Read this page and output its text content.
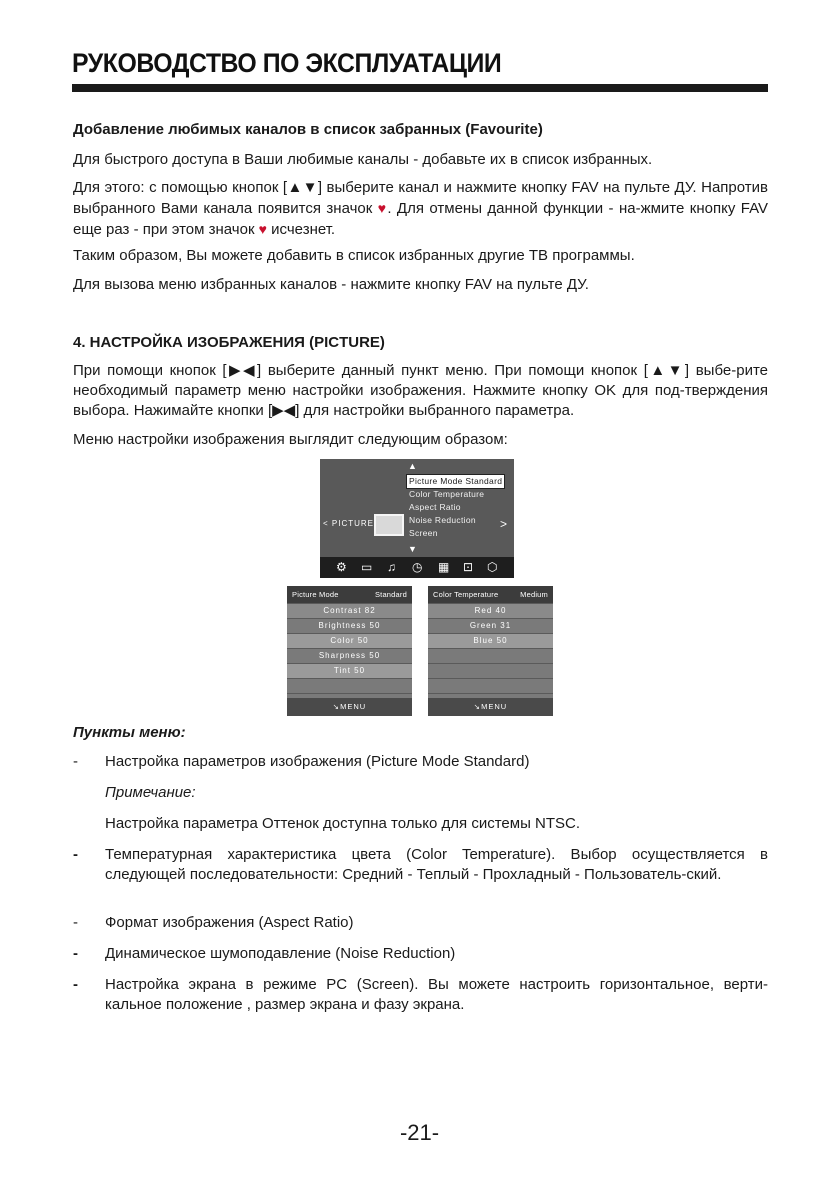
РУКОВОДСТВО ПО ЭКСПЛУАТАЦИИ
Добавление любимых каналов в список забранных (Favourite)
Для быстрого доступа в Ваши любимые каналы - добавьте их в список избранных.
Для этого: с помощью кнопок [▲▼] выберите канал и нажмите кнопку FAV на пульте ДУ. Напротив выбранного Вами канала появится значок ♥. Для отмены данной функции - на-жмите кнопку FAV еще раз - при этом значок ♥ исчезнет.
Таким образом, Вы можете добавить в список избранных другие ТВ программы.
Для вызова меню избранных каналов - нажмите кнопку FAV на пульте ДУ.
4. НАСТРОЙКА ИЗОБРАЖЕНИЯ (PICTURE)
При помощи кнопок [▶◀] выберите данный пункт меню. При помощи кнопок [▲▼] выбе-рите необходимый параметр меню настройки изображения. Нажмите кнопку OK для под-тверждения выбора. Нажимайте кнопки [▶◀] для настройки выбранного параметра.
Меню настройки изображения выглядит следующим образом:
▲
Picture Mode Standard
Color Temperature
Aspect Ratio
Noise Reduction
Screen
▼
< PICTURE	>
⚙ ▭ ♫ ◷ ▦ ⊡ ⬡
Picture Mode	Standard
Contrast 82
Brightness 50
Color 50
Sharpness 50
Tint 50
↘MENU
Color Temperature	Medium
Red 40
Green 31
Blue 50
↘MENU
Пункты меню:
-	Настройка параметров изображения (Picture Mode Standard)
Примечание:
Настройка параметра Оттенок доступна только для системы NTSC.
-	Температурная характеристика цвета (Color Temperature). Выбор осуществляется в следующей последовательности: Средний - Теплый - Прохладный - Пользователь-ский.
-	Формат изображения (Aspect Ratio)
-	Динамическое шумоподавление (Noise Reduction)
-	Настройка экрана в режиме PC (Screen). Вы можете настроить горизонтальное, верти-кальное положение , размер экрана и фазу экрана.
-21-
